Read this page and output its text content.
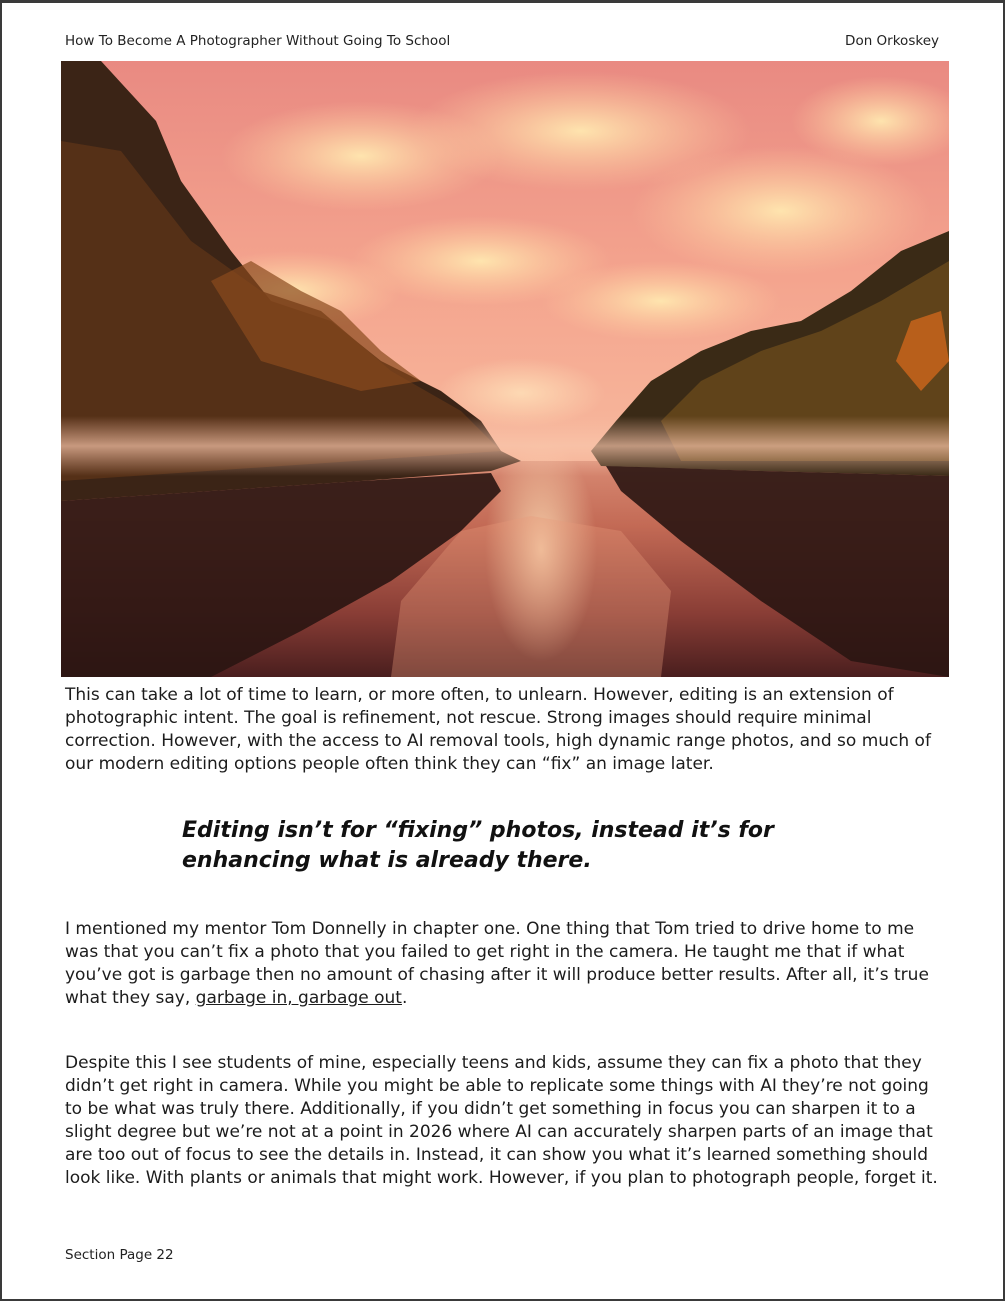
How To Become A Photographer Without Going To School	Don Orkoskey

This can take a lot of time to learn, or more often, to unlearn. However, editing is an extension of photographic intent. The goal is refinement, not rescue. Strong images should require minimal correction. However, with the access to AI removal tools, high dynamic range photos, and so much of our modern editing options people often think they can “fix” an image later.

Editing isn’t for “fixing” photos, instead it’s for enhancing what is already there.

I mentioned my mentor Tom Donnelly in chapter one. One thing that Tom tried to drive home to me was that you can’t fix a photo that you failed to get right in the camera. He taught me that if what you’ve got is garbage then no amount of chasing after it will produce better results. After all, it’s true what they say, garbage in, garbage out.

Despite this I see students of mine, especially teens and kids, assume they can fix a photo that they didn’t get right in camera. While you might be able to replicate some things with AI they’re not going to be what was truly there. Additionally, if you didn’t get something in focus you can sharpen it to a slight degree but we’re not at a point in 2026 where AI can accurately sharpen parts of an image that are too out of focus to see the details in. Instead, it can show you what it’s learned something should look like. With plants or animals that might work. However, if you plan to photograph people, forget it.

Section Page 22
